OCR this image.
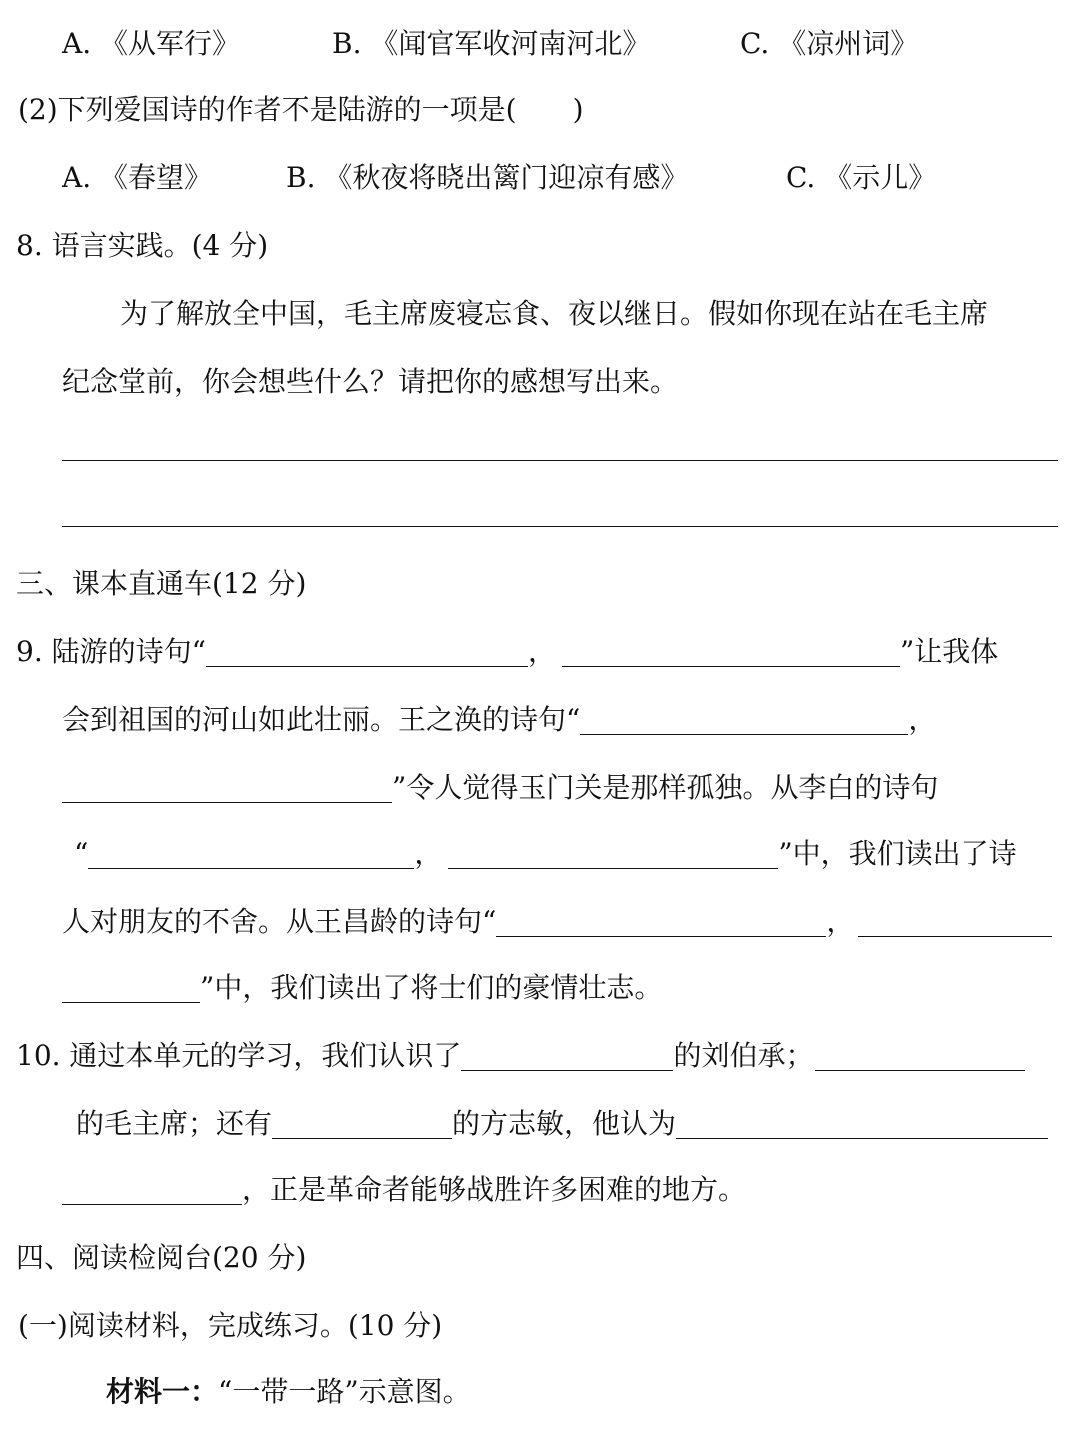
A. 《从军行》	B. 《闻官军收河南河北》	C. 《凉州词》
(2)下列爱国诗的作者不是陆游的一项是( )
A. 《春望》	B. 《秋夜将晓出篱门迎凉有感》	C. 《示儿》
8. 语言实践。(4 分)
为了解放全中国，毛主席废寝忘食、夜以继日。假如你现在站在毛主席
纪念堂前，你会想些什么？请把你的感想写出来。
三、课本直通车(12 分)
9. 陆游的诗句“	，	”让我体
会到祖国的河山如此壮丽。王之涣的诗句“	，
”令人觉得玉门关是那样孤独。从李白的诗句
“	，	”中，我们读出了诗
人对朋友的不舍。从王昌龄的诗句“	，
”中，我们读出了将士们的豪情壮志。
10. 通过本单元的学习，我们认识了	的刘伯承；
的毛主席；还有	的方志敏，他认为
，正是革命者能够战胜许多困难的地方。
四、阅读检阅台(20 分)
(一)阅读材料，完成练习。(10 分)
材料一：“一带一路”示意图。
